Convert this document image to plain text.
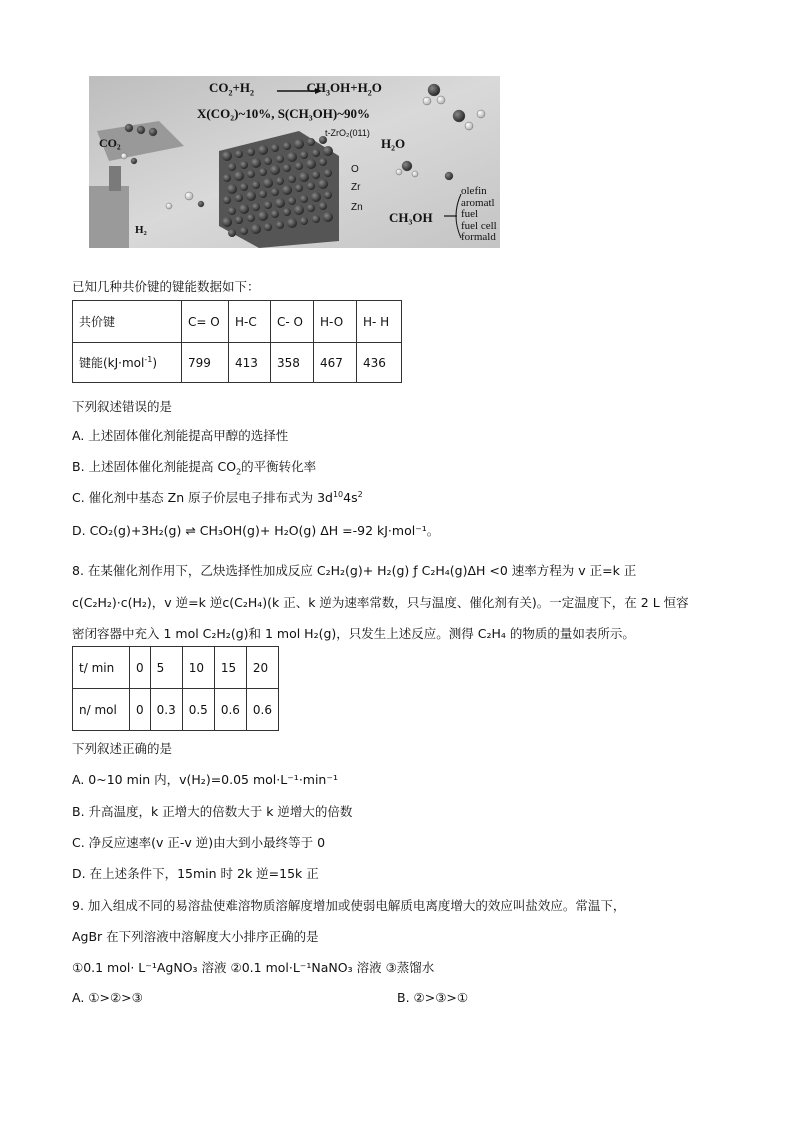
$CO_2+H_2$	$CH_3OH+H_2O$
X(CO₂)~10%, S(CH₃OH)~90%
t-ZrO₂(011)
CO₂
H₂
H₂O
CH₃OH
O
Zr
Zn
olefin
aromatl
fuel
fuel cell
formald
已知几种共价键的键能数据如下：
共价键	C= O	H-C	C- O	H-O	H- H
键能(kJ·mol$^{-1}$)	799	413	358	467	436
下列叙述错误的是
A. 上述固体催化剂能提高甲醇的选择性
B. 上述固体催化剂能提高 $CO_2$的平衡转化率
C. 催化剂中基态 Zn 原子价层电子排布式为 $3d^{10}4s^2$
D. CO₂(g)+3H₂(g) ⇌ CH₃OH(g)+ H₂O(g) ΔH =-92 kJ·mol⁻¹。
8. 在某催化剂作用下，乙炔选择性加成反应 C₂H₂(g)+ H₂(g) ƒ C₂H₄(g)ΔH <0 速率方程为 v 正=k 正
c(C₂H₂)·c(H₂)，v 逆=k 逆c(C₂H₄)(k 正、k 逆为速率常数，只与温度、催化剂有关)。一定温度下，在 2 L 恒容
密闭容器中充入 1 mol C₂H₂(g)和 1 mol H₂(g)，只发生上述反应。测得 C₂H₄ 的物质的量如表所示。
t/ min	0	5	10	15	20
n/ mol	0	0.3	0.5	0.6	0.6
下列叙述正确的是
A. 0~10 min 内，v(H₂)=0.05 mol·L⁻¹·min⁻¹
B. 升高温度，k 正增大的倍数大于 k 逆增大的倍数
C. 净反应速率(v 正-v 逆)由大到小最终等于 0
D. 在上述条件下，15min 时 2k 逆=15k 正
9. 加入组成不同的易溶盐使难溶物质溶解度增加或使弱电解质电离度增大的效应叫盐效应。常温下，
AgBr 在下列溶液中溶解度大小排序正确的是
①0.1 mol· L⁻¹AgNO₃ 溶液 ②0.1 mol·L⁻¹NaNO₃ 溶液 ③蒸馏水
A. ①>②>③	B. ②>③>①
